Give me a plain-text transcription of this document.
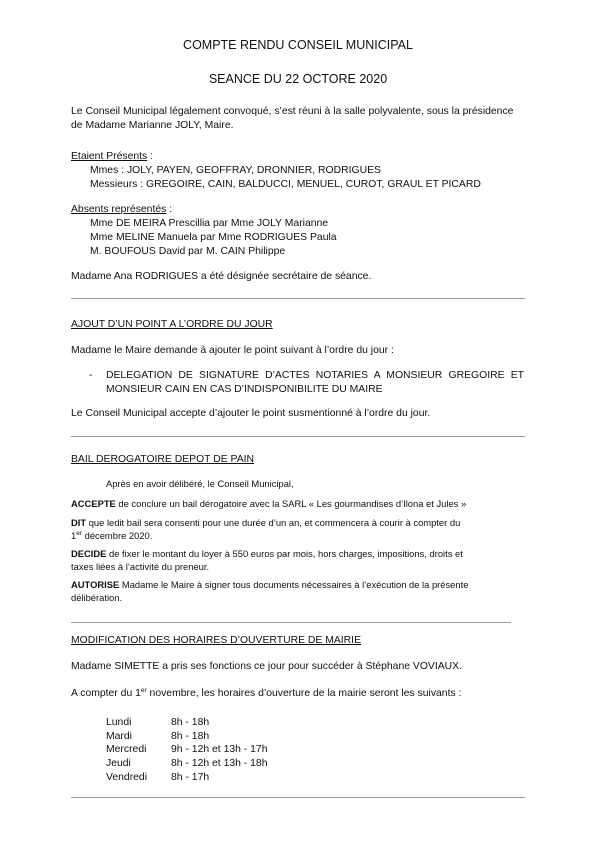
COMPTE RENDU CONSEIL MUNICIPAL
SEANCE DU 22 OCTORE 2020
Le Conseil Municipal légalement convoqué, s’est réuni à la salle polyvalente, sous la présidence
de Madame Marianne JOLY, Maire.
Etaient Présents :
Mmes : JOLY, PAYEN, GEOFFRAY, DRONNIER, RODRIGUES
Messieurs : GREGOIRE, CAIN, BALDUCCI, MENUEL, CUROT, GRAUL ET PICARD
Absents représentés :
Mme DE MEIRA Prescillia par Mme JOLY Marianne
Mme MELINE Manuela par Mme RODRIGUES Paula
M. BOUFOUS David par M. CAIN Philippe
Madame Ana RODRIGUES a été désignée secrétaire de séance.
AJOUT D’UN POINT A L’ORDRE DU JOUR
Madame le Maire demande à ajouter le point suivant à l’ordre du jour :
- DELEGATION DE SIGNATURE D’ACTES NOTARIES A MONSIEUR GREGOIRE ET
MONSIEUR CAIN EN CAS D’INDISPONIBILITE DU MAIRE
Le Conseil Municipal accepte d’ajouter le point susmentionné à l’ordre du jour.
BAIL DEROGATOIRE DEPOT DE PAIN
Après en avoir délibéré, le Conseil Municipal,
ACCEPTE de conclure un bail dérogatoire avec la SARL « Les gourmandises d’Ilona et Jules »
DIT que ledit bail sera consenti pour une durée d’un an, et commencera à courir à compter du
1er décembre 2020.
DECIDE de fixer le montant du loyer à 550 euros par mois, hors charges, impositions, droits et
taxes liées à l’activité du preneur.
AUTORISE Madame le Maire à signer tous documents nécessaires à l’exécution de la présente
délibération.
MODIFICATION DES HORAIRES D’OUVERTURE DE MAIRIE
Madame SIMETTE a pris ses fonctions ce jour pour succéder à Stéphane VOVIAUX.
A compter du 1er novembre, les horaires d’ouverture de la mairie seront les suivants :
Lundi	8h - 18h
Mardi	8h - 18h
Mercredi 9h - 12h et 13h - 17h
Jeudi	8h - 12h et 13h - 18h
Vendredi 8h - 17h
